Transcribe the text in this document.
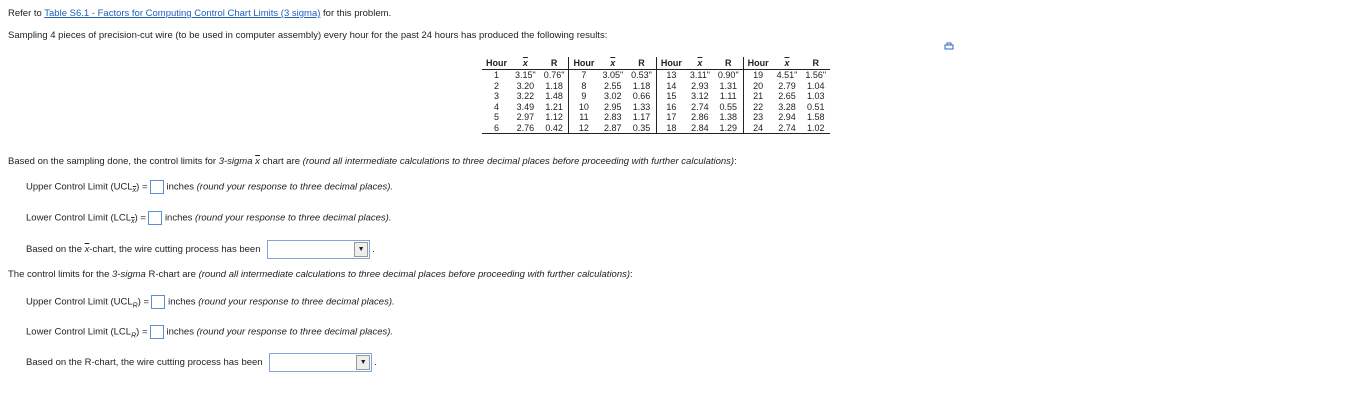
Refer to Table S6.1 - Factors for Computing Control Chart Limits (3 sigma) for this problem.
Sampling 4 pieces of precision-cut wire (to be used in computer assembly) every hour for the past 24 hours has produced the following results:
Hour	$\overline{x}$	R	Hour	$\overline{x}$	R	Hour	$\overline{x}$	R	Hour	$\overline{x}$	R
1	3.15"	0.76"	7	3.05"	0.53"	13	3.11"	0.90"	19	4.51"	1.56"
2	3.20	1.18	8	2.55	1.18	14	2.93	1.31	20	2.79	1.04
3	3.22	1.48	9	3.02	0.66	15	3.12	1.11	21	2.65	1.03
4	3.49	1.21	10	2.95	1.33	16	2.74	0.55	22	3.28	0.51
5	2.97	1.12	11	2.83	1.17	17	2.86	1.38	23	2.94	1.58
6	2.76	0.42	12	2.87	0.35	18	2.84	1.29	24	2.74	1.02
Based on the sampling done, the control limits for 3-sigma $\overline{x}$ chart are (round all intermediate calculations to three decimal places before proceeding with further calculations):
Upper Control Limit $(UCL_{\overline{x}})$ = inches (round your response to three decimal places).
Lower Control Limit $(LCL_{\overline{x}})$ = inches (round your response to three decimal places).
Based on the $\overline{x}$-chart, the wire cutting process has been	▼ .
The control limits for the 3-sigma R-chart are (round all intermediate calculations to three decimal places before proceeding with further calculations):
Upper Control Limit $(UCL_R)$ = inches (round your response to three decimal places).
Lower Control Limit $(LCL_R)$ = inches (round your response to three decimal places).
Based on the R-chart, the wire cutting process has been	▼ .
